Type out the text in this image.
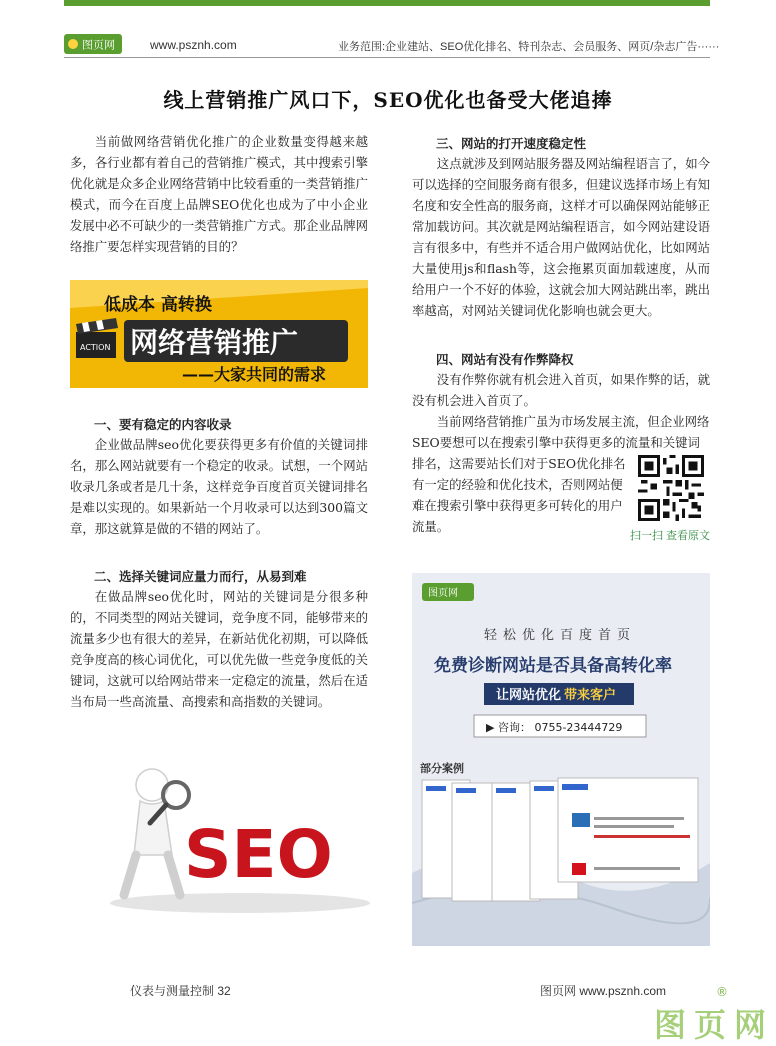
图页网	www.psznh.com	业务范围:企业建站、SEO优化排名、特刊杂志、会员服务、网页/杂志广告······
线上营销推广风口下，SEO优化也备受大佬追捧

当前做网络营销优化推广的企业数量变得越来越多，各行业都有着自己的营销推广模式，其中搜索引擎优化就是众多企业网络营销中比较看重的一类营销推广模式，而今在百度上品牌SEO优化也成为了中小企业发展中必不可缺少的一类营销推广方式。那企业品牌网络推广要怎样实现营销的目的？

低成本 高转换
ACTION 网络营销推广
——大家共同的需求
一、要有稳定的内容收录

企业做品牌seo优化要获得更多有价值的关键词排名，那么网站就要有一个稳定的收录。试想，一个网站收录几条或者是几十条，这样竞争百度首页关键词排名是难以实现的。如果新站一个月收录可以达到300篇文章，那这就算是做的不错的网站了。

二、选择关键词应量力而行，从易到难

在做品牌seo优化时，网站的关键词是分很多种的，不同类型的网站关键词，竞争度不同，能够带来的流量多少也有很大的差异，在新站优化初期，可以降低竞争度高的核心词优化，可以优先做一些竞争度低的关键词，这就可以给网站带来一定稳定的流量，然后在适当布局一些高流量、高搜索和高指数的关键词。

SEO
三、网站的打开速度稳定性

这点就涉及到网站服务器及网站编程语言了，如今可以选择的空间服务商有很多，但建议选择市场上有知名度和安全性高的服务商，这样才可以确保网站能够正常加载访问。其次就是网站编程语言，如今网站建设语言有很多中，有些并不适合用户做网站优化，比如网站大量使用js和flash等，这会拖累页面加载速度，从而给用户一个不好的体验，这就会加大网站跳出率，跳出率越高，对网站关键词优化影响也就会更大。

四、网站有没有作弊降权

没有作弊你就有机会进入首页，如果作弊的话，就没有机会进入首页了。

当前网络营销推广虽为市场发展主流，但企业网络
SEO要想可以在搜索引擎中获得更多的流量和关键词
排名，这需要站长们对于SEO优化排名
有一定的经验和优化技术，否则网站便
难在搜索引擎中获得更多可转化的用户
流量。
扫一扫 查看原文
图页网
轻松优化百度首页
免费诊断网站是否具备高转化率
让网站优化 带来客户
▶ 咨询： 0755-23444729
部分案例
仪表与测量控制 32	图页网 www.psznh.com	®
图页网
